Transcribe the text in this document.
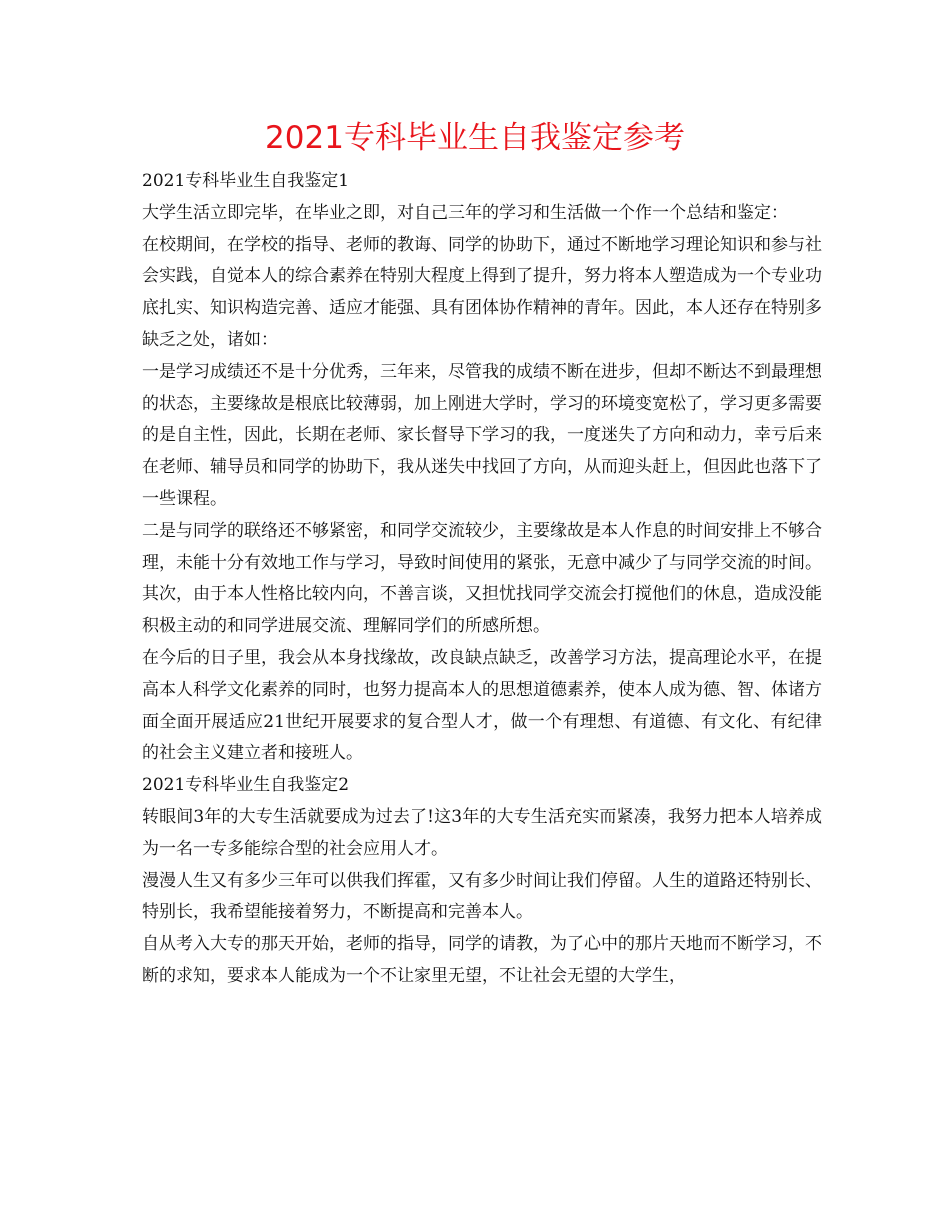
2021专科毕业生自我鉴定参考

2021专科毕业生自我鉴定1

大学生活立即完毕，在毕业之即，对自己三年的学习和生活做一个作一个总结和鉴定：

在校期间，在学校的指导、老师的教诲、同学的协助下，通过不断地学习理论知识和参与社会实践，自觉本人的综合素养在特别大程度上得到了提升，努力将本人塑造成为一个专业功底扎实、知识构造完善、适应才能强、具有团体协作精神的青年。因此，本人还存在特别多缺乏之处，诸如：

一是学习成绩还不是十分优秀，三年来，尽管我的成绩不断在进步，但却不断达不到最理想的状态，主要缘故是根底比较薄弱，加上刚进大学时，学习的环境变宽松了，学习更多需要的是自主性，因此，长期在老师、家长督导下学习的我，一度迷失了方向和动力，幸亏后来在老师、辅导员和同学的协助下，我从迷失中找回了方向，从而迎头赶上，但因此也落下了一些课程。

二是与同学的联络还不够紧密，和同学交流较少，主要缘故是本人作息的时间安排上不够合理，未能十分有效地工作与学习，导致时间使用的紧张，无意中减少了与同学交流的时间。其次，由于本人性格比较内向，不善言谈，又担忧找同学交流会打搅他们的休息，造成没能积极主动的和同学进展交流、理解同学们的所感所想。

在今后的日子里，我会从本身找缘故，改良缺点缺乏，改善学习方法，提高理论水平，在提高本人科学文化素养的同时，也努力提高本人的思想道德素养，使本人成为德、智、体诸方面全面开展适应21世纪开展要求的复合型人才，做一个有理想、有道德、有文化、有纪律的社会主义建立者和接班人。

2021专科毕业生自我鉴定2

转眼间3年的大专生活就要成为过去了!这3年的大专生活充实而紧凑，我努力把本人培养成为一名一专多能综合型的社会应用人才。

漫漫人生又有多少三年可以供我们挥霍，又有多少时间让我们停留。人生的道路还特别长、特别长，我希望能接着努力，不断提高和完善本人。

自从考入大专的那天开始，老师的指导，同学的请教，为了心中的那片天地而不断学习，不断的求知，要求本人能成为一个不让家里无望，不让社会无望的大学生，
